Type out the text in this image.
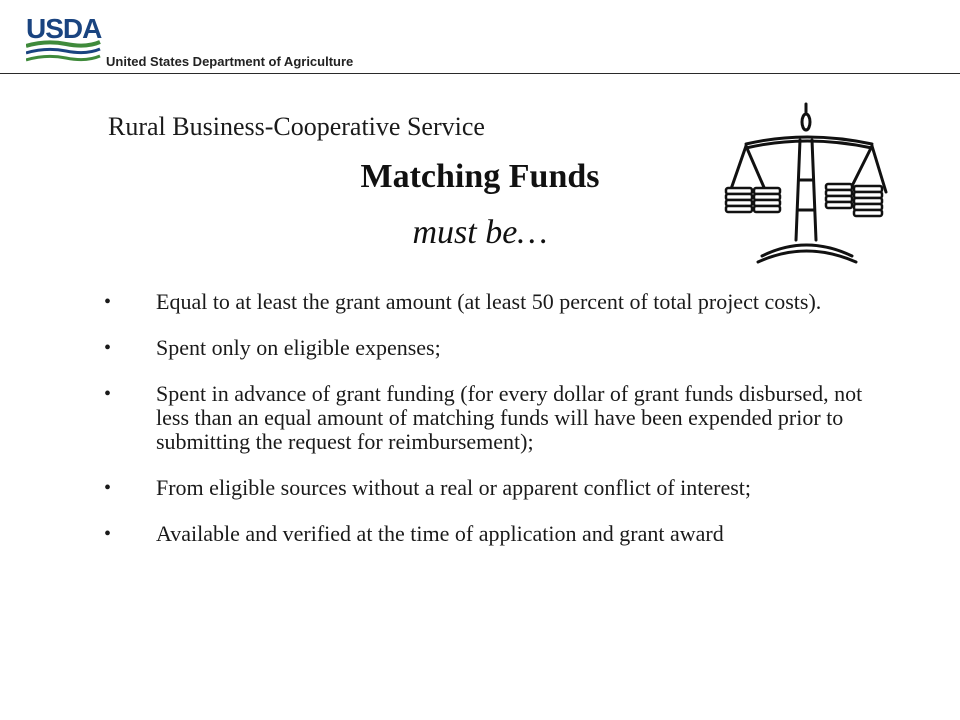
USDA
United States Department of Agriculture
Rural Business-Cooperative Service
Matching Funds
must be…
• Equal to at least the grant amount (at least 50 percent of total project costs).
• Spent only on eligible expenses;
• Spent in advance of grant funding (for every dollar of grant funds disbursed, not less than an equal amount of matching funds will have been expended prior to submitting the request for reimbursement);
• From eligible sources without a real or apparent conflict of interest;
• Available and verified at the time of application and grant award
